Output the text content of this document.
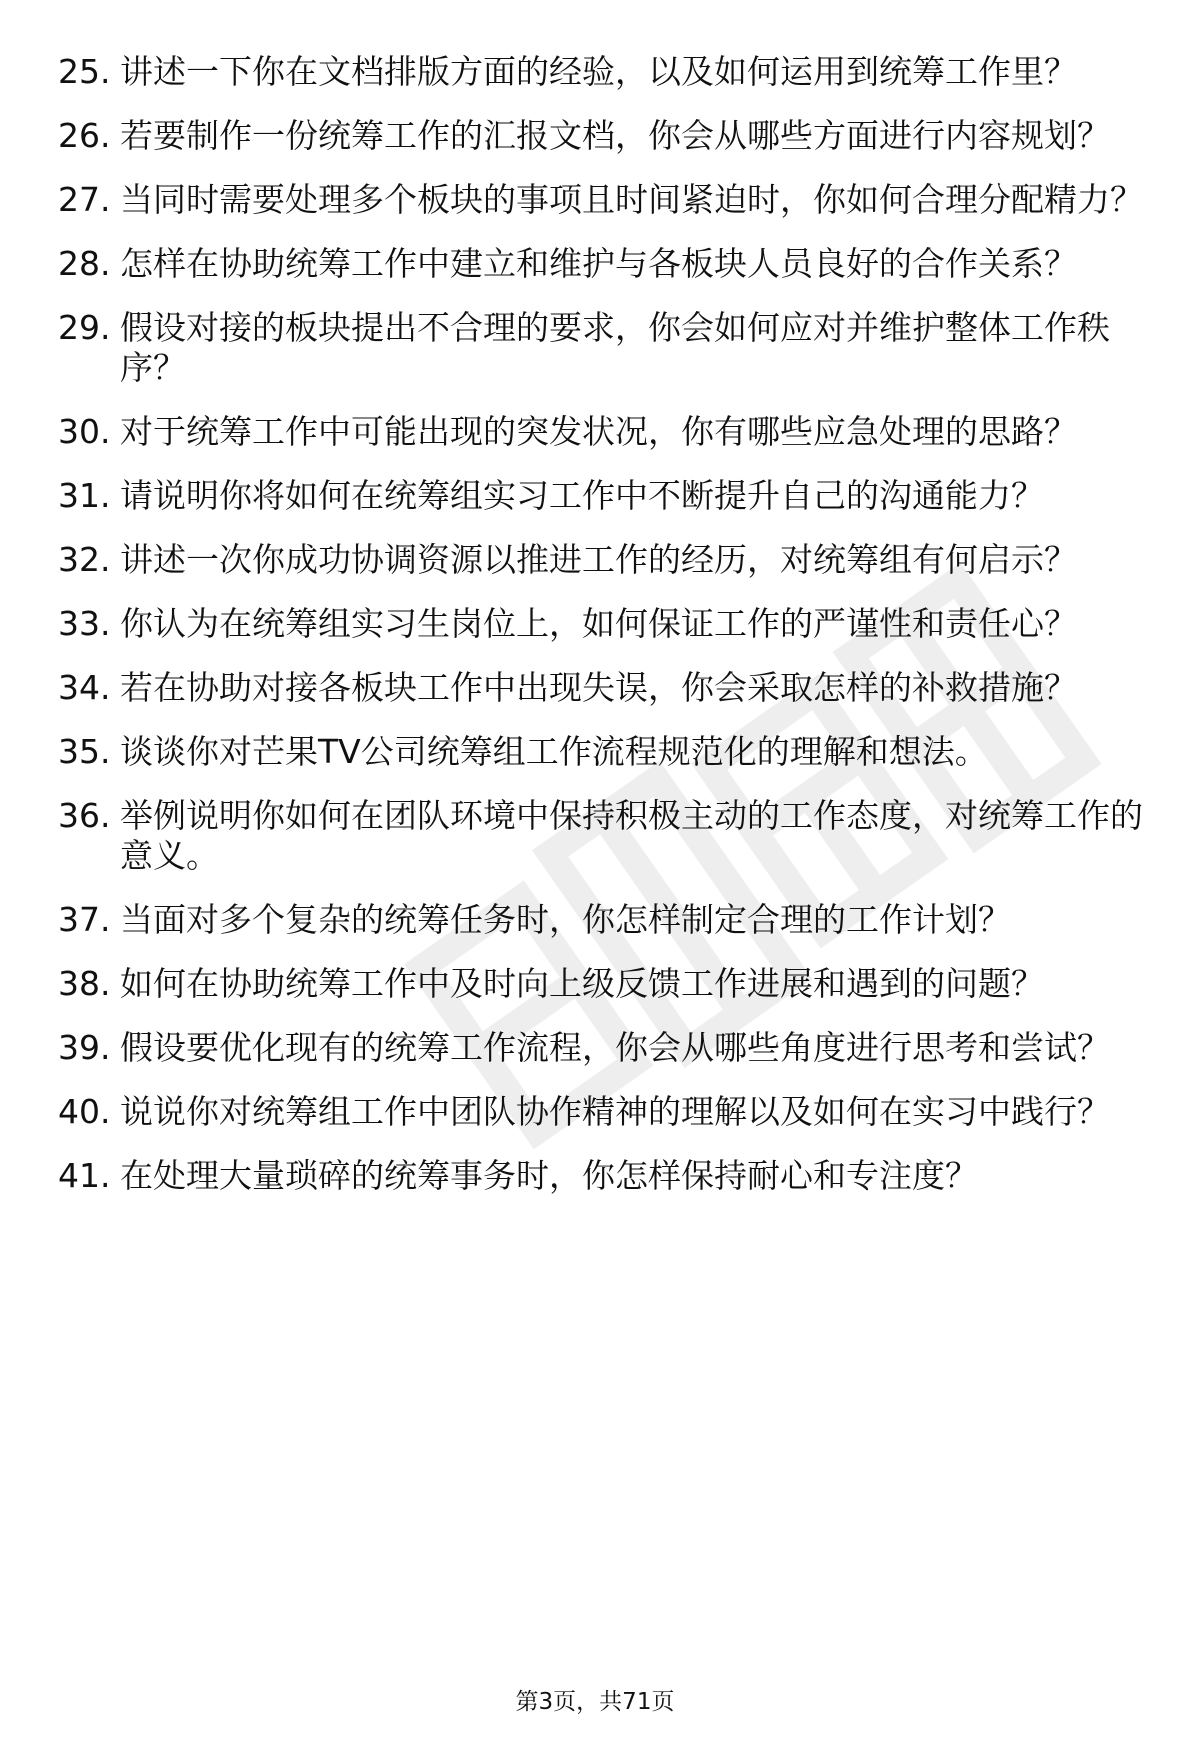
25. 讲述一下你在文档排版方面的经验，以及如何运用到统筹工作里？
26. 若要制作一份统筹工作的汇报文档，你会从哪些方面进行内容规划？
27. 当同时需要处理多个板块的事项且时间紧迫时，你如何合理分配精力？
28. 怎样在协助统筹工作中建立和维护与各板块人员良好的合作关系？
29. 假设对接的板块提出不合理的要求，你会如何应对并维护整体工作秩序？
30. 对于统筹工作中可能出现的突发状况，你有哪些应急处理的思路？
31. 请说明你将如何在统筹组实习工作中不断提升自己的沟通能力？
32. 讲述一次你成功协调资源以推进工作的经历，对统筹组有何启示？
33. 你认为在统筹组实习生岗位上，如何保证工作的严谨性和责任心？
34. 若在协助对接各板块工作中出现失误，你会采取怎样的补救措施？
35. 谈谈你对芒果TV公司统筹组工作流程规范化的理解和想法。
36. 举例说明你如何在团队环境中保持积极主动的工作态度，对统筹工作的意义。
37. 当面对多个复杂的统筹任务时，你怎样制定合理的工作计划？
38. 如何在协助统筹工作中及时向上级反馈工作进展和遇到的问题？
39. 假设要优化现有的统筹工作流程，你会从哪些角度进行思考和尝试？
40. 说说你对统筹组工作中团队协作精神的理解以及如何在实习中践行？
41. 在处理大量琐碎的统筹事务时，你怎样保持耐心和专注度？
第3页，共71页
